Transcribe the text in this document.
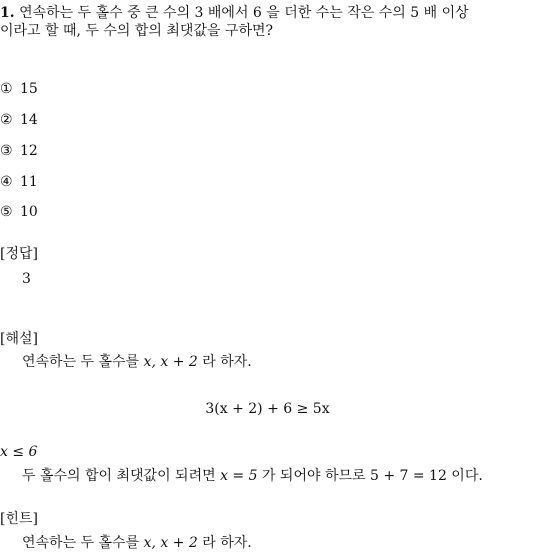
1. 연속하는 두 홀수 중 큰 수의 3 배에서 6 을 더한 수는 작은 수의 5 배 이상
이라고 할 때, 두 수의 합의 최댓값을 구하면?
① 15
② 14
③ 12
④ 11
⑤ 10
[정답]
3
[해설]
연속하는 두 홀수를 x, x + 2 라 하자.
3(x + 2) + 6 ≥ 5x
x ≤ 6
두 홀수의 합이 최댓값이 되려면 x = 5 가 되어야 하므로 5 + 7 = 12 이다.
[힌트]
연속하는 두 홀수를 x, x + 2 라 하자.
